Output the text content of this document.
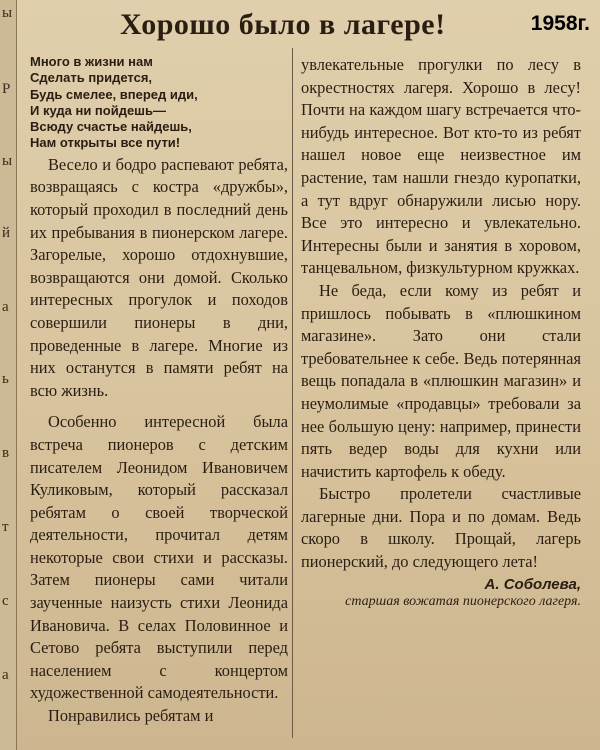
ы
Р
ы
й
а
ь
в
т
с
а
Хорошо было в лагере!	1958г.
Много в жизни нам
Сделать придется,
Будь смелее, вперед иди,
И куда ни пойдешь—
Всюду счастье найдешь,
Нам открыты все пути!

Весело и бодро распевают ребята, возвращаясь с костра «дружбы», который проходил в последний день их пребывания в пионерском лагере. Загорелые, хорошо отдохнувшие, возвращаются они домой. Сколько интересных прогулок и походов совершили пионеры в дни, проведенные в лагере. Многие из них останутся в памяти ребят на всю жизнь.

Особенно интересной была встреча пионеров с детским писателем Леонидом Ивановичем Куликовым, который рассказал ребятам о своей творческой деятельности, прочитал детям некоторые свои стихи и рассказы. Затем пионеры сами читали заученные наизусть стихи Леонида Ивановича. В селах Половинное и Сетово ребята выступили перед населением с концертом художественной самодеятельности.

Понравились ребятам и

увлекательные прогулки по лесу в окрестностях лагеря. Хорошо в лесу! Почти на каждом шагу встречается что-нибудь интересное. Вот кто-то из ребят нашел новое еще неизвестное им растение, там нашли гнездо куропатки, а тут вдруг обнаружили лисью нору. Все это интересно и увлекательно. Интересны были и занятия в хоровом, танцевальном, физкультурном кружках.

Не беда, если кому из ребят и пришлось побывать в «плюшкином магазине». Зато они стали требовательнее к себе. Ведь потерянная вещь попадала в «плюшкин магазин» и неумолимые «продавцы» требовали за нее большую цену: например, принести пять ведер воды для кухни или начистить картофель к обеду.

Быстро пролетели счастливые лагерные дни. Пора и по домам. Ведь скоро в школу. Прощай, лагерь пионерский, до следующего лета!

А. Соболева,
старшая вожатая пионерского лагеря.
